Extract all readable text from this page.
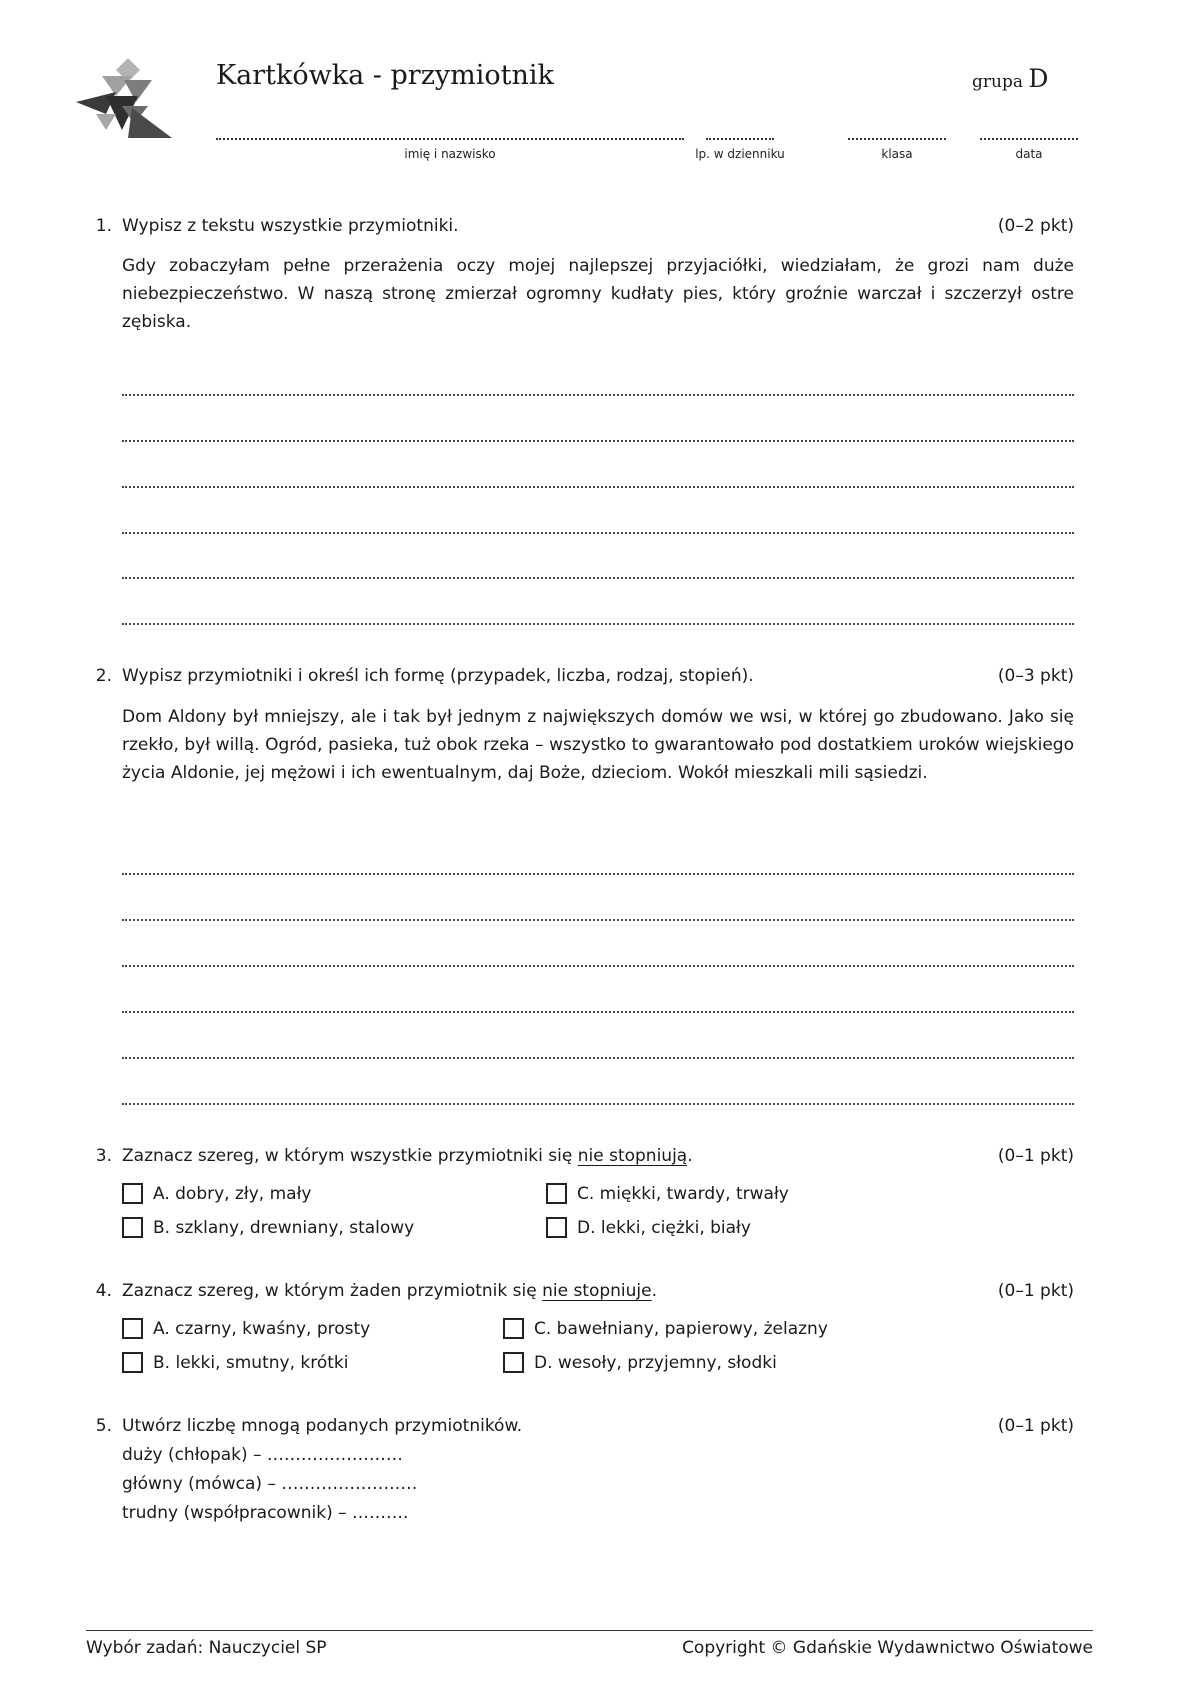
Kartkówka - przymiotnik	grupa D
imię i nazwisko	lp. w dzienniku	klasa	data
1. Wypisz z tekstu wszystkie przymiotniki.	(0–2 pkt)
Gdy zobaczyłam pełne przerażenia oczy mojej najlepszej przyjaciółki, wiedziałam, że grozi nam duże niebezpieczeństwo. W naszą stronę zmierzał ogromny kudłaty pies, który groźnie warczał i szczerzył ostre zębiska.
2. Wypisz przymiotniki i określ ich formę (przypadek, liczba, rodzaj, stopień).	(0–3 pkt)
Dom Aldony był mniejszy, ale i tak był jednym z największych domów we wsi, w której go zbudowano. Jako się rzekło, był willą. Ogród, pasieka, tuż obok rzeka – wszystko to gwarantowało pod dostatkiem uroków wiejskiego życia Aldonie, jej mężowi i ich ewentualnym, daj Boże, dzieciom. Wokół mieszkali mili sąsiedzi.
3. Zaznacz szereg, w którym wszystkie przymiotniki się nie stopniują.	(0–1 pkt)
A. dobry, zły, mały
B. szklany, drewniany, stalowy
C. miękki, twardy, trwały
D. lekki, ciężki, biały
4. Zaznacz szereg, w którym żaden przymiotnik się nie stopniuje.	(0–1 pkt)
A. czarny, kwaśny, prosty
B. lekki, smutny, krótki
C. bawełniany, papierowy, żelazny
D. wesoły, przyjemny, słodki
5. Utwórz liczbę mnogą podanych przymiotników.	(0–1 pkt)
duży (chłopak) – ……………………
główny (mówca) – ……………………
trudny (współpracownik) – ……….
Wybór zadań: Nauczyciel SP	Copyright © Gdańskie Wydawnictwo Oświatowe
